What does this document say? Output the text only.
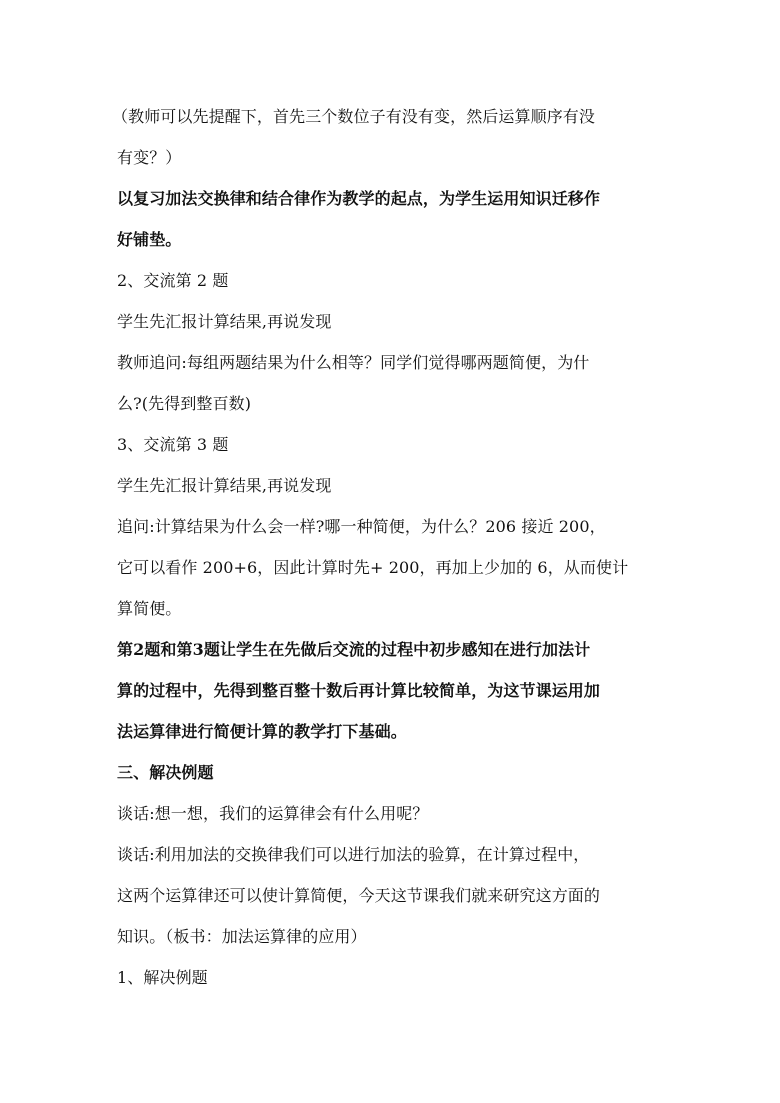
（教师可以先提醒下，首先三个数位子有没有变，然后运算顺序有没
有变？）
以复习加法交换律和结合律作为教学的起点，为学生运用知识迁移作
好铺垫。
2、交流第 2 题
学生先汇报计算结果,再说发现
教师追问:每组两题结果为什么相等？同学们觉得哪两题简便，为什
么?(先得到整百数)
3、交流第 3 题
学生先汇报计算结果,再说发现
追问:计算结果为什么会一样?哪一种简便，为什么？206 接近 200，
它可以看作 200+6，因此计算时先+ 200，再加上少加的 6，从而使计
算简便。
第2题和第3题让学生在先做后交流的过程中初步感知在进行加法计
算的过程中，先得到整百整十数后再计算比较简单，为这节课运用加
法运算律进行简便计算的教学打下基础。
三、解决例题
谈话:想一想，我们的运算律会有什么用呢？
谈话:利用加法的交换律我们可以进行加法的验算，在计算过程中，
这两个运算律还可以使计算简便，今天这节课我们就来研究这方面的
知识。（板书：加法运算律的应用）
1、解决例题
